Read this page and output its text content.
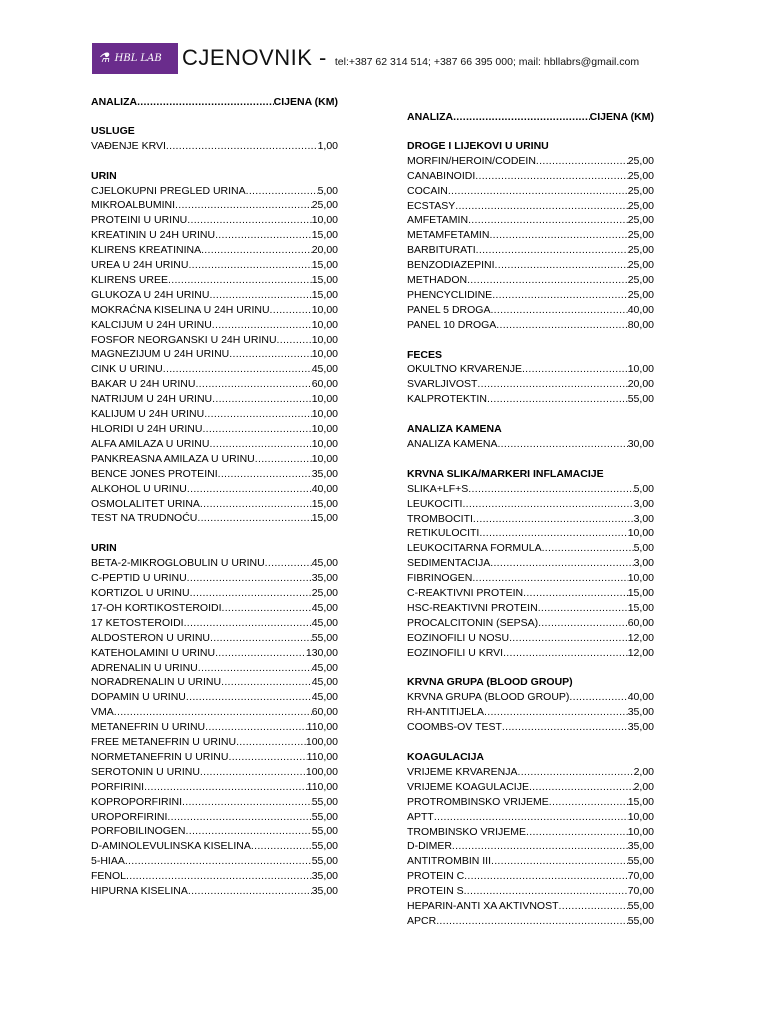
⚗ HBL LAB CJENOVNIK - tel:+387 62 314 514; +387 66 395 000; mail: hbllabrs@gmail.com
ANALIZA .....	CIJENA (KM)
USLUGE
VAĐENJE KRVI .....	1,00
URIN
CJELOKUPNI PREGLED URINA .....	5,00
MIKROALBUMINI .....	25,00
PROTEINI U URINU .....	10,00
KREATININ U 24H URINU .....	15,00
KLIRENS KREATININA .....	20,00
UREA U 24H URINU .....	15,00
KLIRENS UREE .....	15,00
GLUKOZA U 24H URINU .....	15,00
MOKRAĆNA KISELINA U 24H URINU .....	10,00
KALCIJUM U 24H URINU .....	10,00
FOSFOR NEORGANSKI U 24H URINU .....	10,00
MAGNEZIJUM U 24H URINU .....	10,00
CINK U URINU .....	45,00
BAKAR U 24H URINU .....	60,00
NATRIJUM U 24H URINU .....	10,00
KALIJUM U 24H URINU .....	10,00
HLORIDI U 24H URINU .....	10,00
ALFA AMILAZA U URINU .....	10,00
PANKREASNA AMILAZA U URINU .....	10,00
BENCE JONES PROTEINI .....	35,00
ALKOHOL U URINU .....	40,00
OSMOLALITET URINA .....	15,00
TEST NA TRUDNOĆU .....	15,00
URIN
BETA-2-MIKROGLOBULIN U URINU .....	45,00
C-PEPTID U URINU .....	35,00
KORTIZOL U URINU .....	25,00
17-OH KORTIKOSTEROIDI .....	45,00
17 KETOSTEROIDI .....	45,00
ALDOSTERON U URINU .....	55,00
KATEHOLAMINI U URINU .....	130,00
ADRENALIN U URINU .....	45,00
NORADRENALIN U URINU .....	45,00
DOPAMIN U URINU .....	45,00
VMA .....	60,00
METANEFRIN U URINU .....	110,00
FREE METANEFRIN U URINU .....	100,00
NORMETANEFRIN U URINU .....	110,00
SEROTONIN U URINU .....	100,00
PORFIRINI .....	110,00
KOPROPORFIRINI .....	55,00
UROPORFIRINI .....	55,00
PORFOBILINOGEN .....	55,00
D-AMINOLEVULINSKA KISELINA .....	55,00
5-HIAA .....	55,00
FENOL .....	35,00
HIPURNA KISELINA .....	35,00
ANALIZA .....	CIJENA (KM)
DROGE I LIJEKOVI U URINU
MORFIN/HEROIN/CODEIN .....	25,00
CANABINOIDI .....	25,00
COCAIN .....	25,00
ECSTASY .....	25,00
AMFETAMIN .....	25,00
METAMFETAMIN .....	25,00
BARBITURATI .....	25,00
BENZODIAZEPINI .....	25,00
METHADON .....	25,00
PHENCYCLIDINE .....	25,00
PANEL 5 DROGA .....	40,00
PANEL 10 DROGA .....	80,00
FECES
OKULTNO KRVARENJE .....	10,00
SVARLJIVOST .....	20,00
KALPROTEKTIN .....	55,00
ANALIZA KAMENA
ANALIZA KAMENA .....	30,00
KRVNA SLIKA/MARKERI INFLAMACIJE
SLIKA+LF+S .....	5,00
LEUKOCITI .....	3,00
TROMBOCITI .....	3,00
RETIKULOCITI .....	10,00
LEUKOCITARNA FORMULA .....	5,00
SEDIMENTACIJA .....	3,00
FIBRINOGEN .....	10,00
C-REAKTIVNI PROTEIN .....	15,00
HSC-REAKTIVNI PROTEIN .....	15,00
PROCALCITONIN (SEPSA) .....	60,00
EOZINOFILI U NOSU .....	12,00
EOZINOFILI U KRVI .....	12,00
KRVNA GRUPA (BLOOD GROUP)
KRVNA GRUPA (BLOOD GROUP) .....	40,00
RH-ANTITIJELA .....	35,00
COOMBS-OV TEST .....	35,00
KOAGULACIJA
VRIJEME KRVARENJA .....	2,00
VRIJEME KOAGULACIJE .....	2,00
PROTROMBINSKO VRIJEME .....	15,00
APTT .....	10,00
TROMBINSKO VRIJEME .....	10,00
D-DIMER .....	35,00
ANTITROMBIN III .....	55,00
PROTEIN C .....	70,00
PROTEIN S .....	70,00
HEPARIN-ANTI XA AKTIVNOST .....	55,00
APCR .....	55,00
